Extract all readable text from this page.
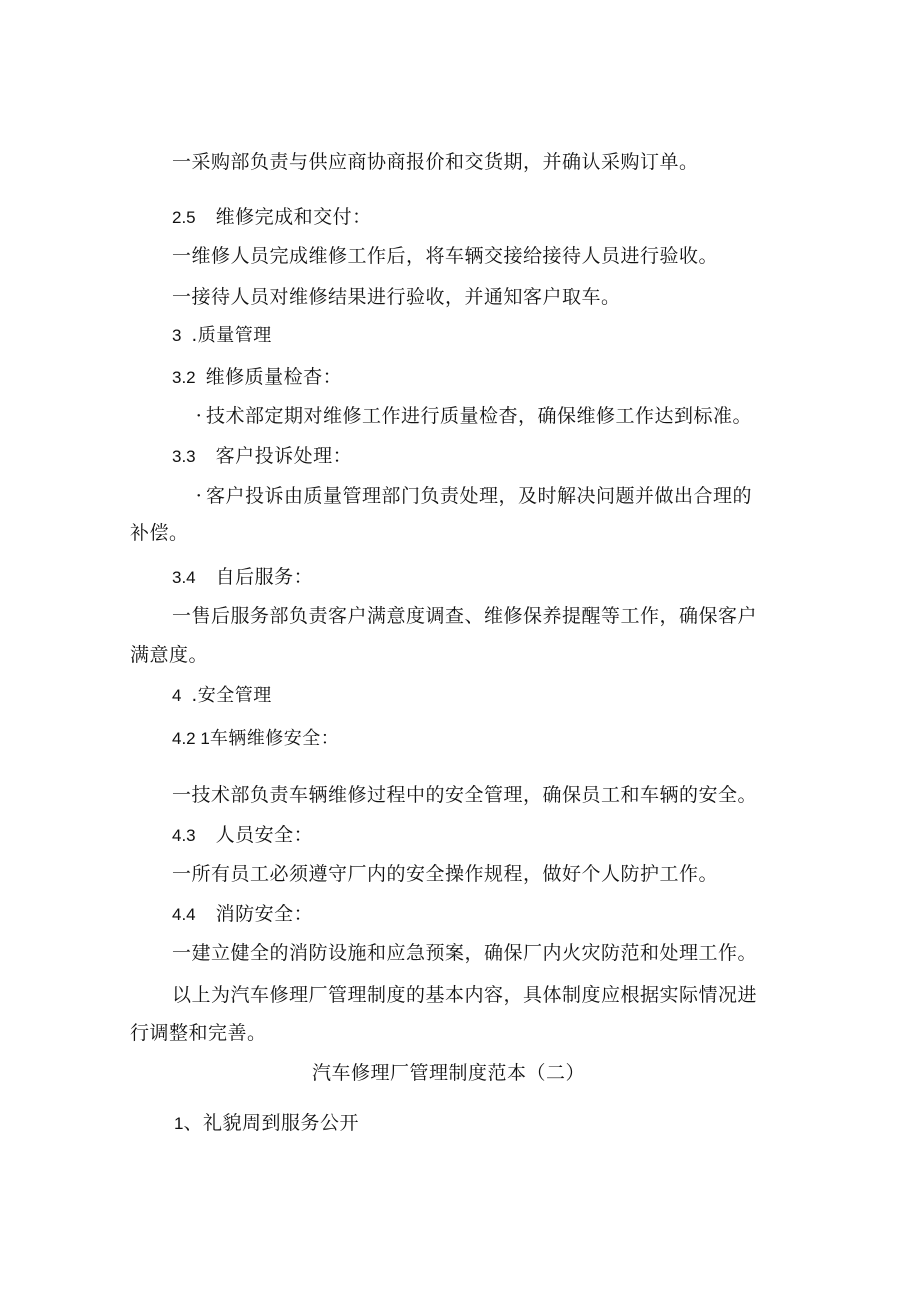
一采购部负责与供应商协商报价和交货期，并确认采购订单。
2.5 维修完成和交付：
一维修人员完成维修工作后，将车辆交接给接待人员进行验收。
一接待人员对维修结果进行验收，并通知客户取车。
3 .质量管理
3.2 维修质量检杳：
· 技术部定期对维修工作进行质量检杳，确保维修工作达到标准。
3.3 客户投诉处理：
· 客户投诉由质量管理部门负责处理，及时解决问题并做出合理的
补偿。
3.4 自后服务：
一售后服务部负责客户满意度调查、维修保养提醒等工作，确保客户
满意度。
4 .安全管理
4.2 1车辆维修安全：
一技术部负责车辆维修过程中的安全管理，确保员工和车辆的安全。
4.3 人员安全：
一所有员工必须遵守厂内的安全操作规程，做好个人防护工作。
4.4 消防安全：
一建立健全的消防设施和应急预案，确保厂内火灾防范和处理工作。
以上为汽车修理厂管理制度的基本内容，具体制度应根据实际情况进
行调整和完善。
汽车修理厂管理制度范本（二）
1、礼貌周到服务公开
